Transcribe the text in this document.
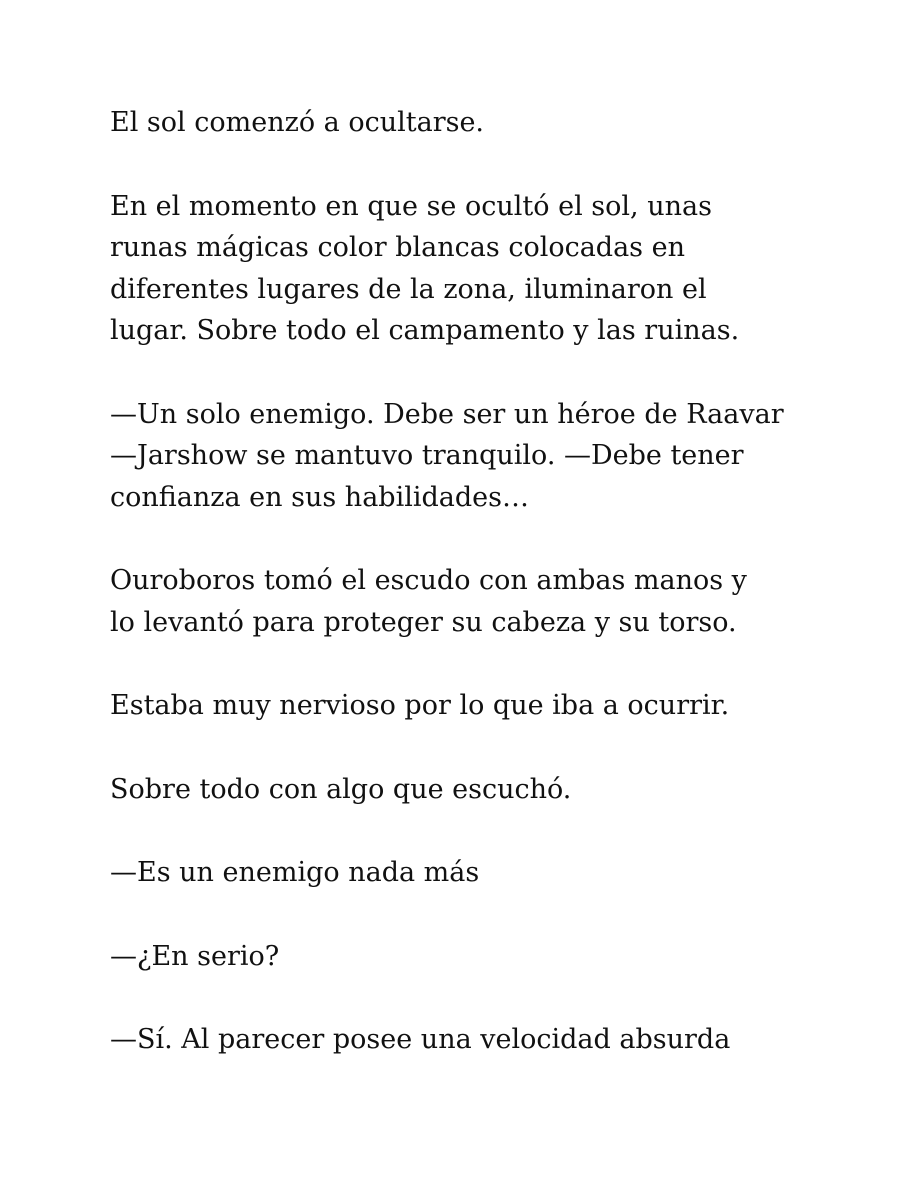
El sol comenzó a ocultarse.

En el momento en que se ocultó el sol, unas
runas mágicas color blancas colocadas en
diferentes lugares de la zona, iluminaron el
lugar. Sobre todo el campamento y las ruinas.

—Un solo enemigo. Debe ser un héroe de Raavar
—Jarshow se mantuvo tranquilo. —Debe tener
confianza en sus habilidades…

Ouroboros tomó el escudo con ambas manos y
lo levantó para proteger su cabeza y su torso.

Estaba muy nervioso por lo que iba a ocurrir.

Sobre todo con algo que escuchó.

—Es un enemigo nada más

—¿En serio?

—Sí. Al parecer posee una velocidad absurda
